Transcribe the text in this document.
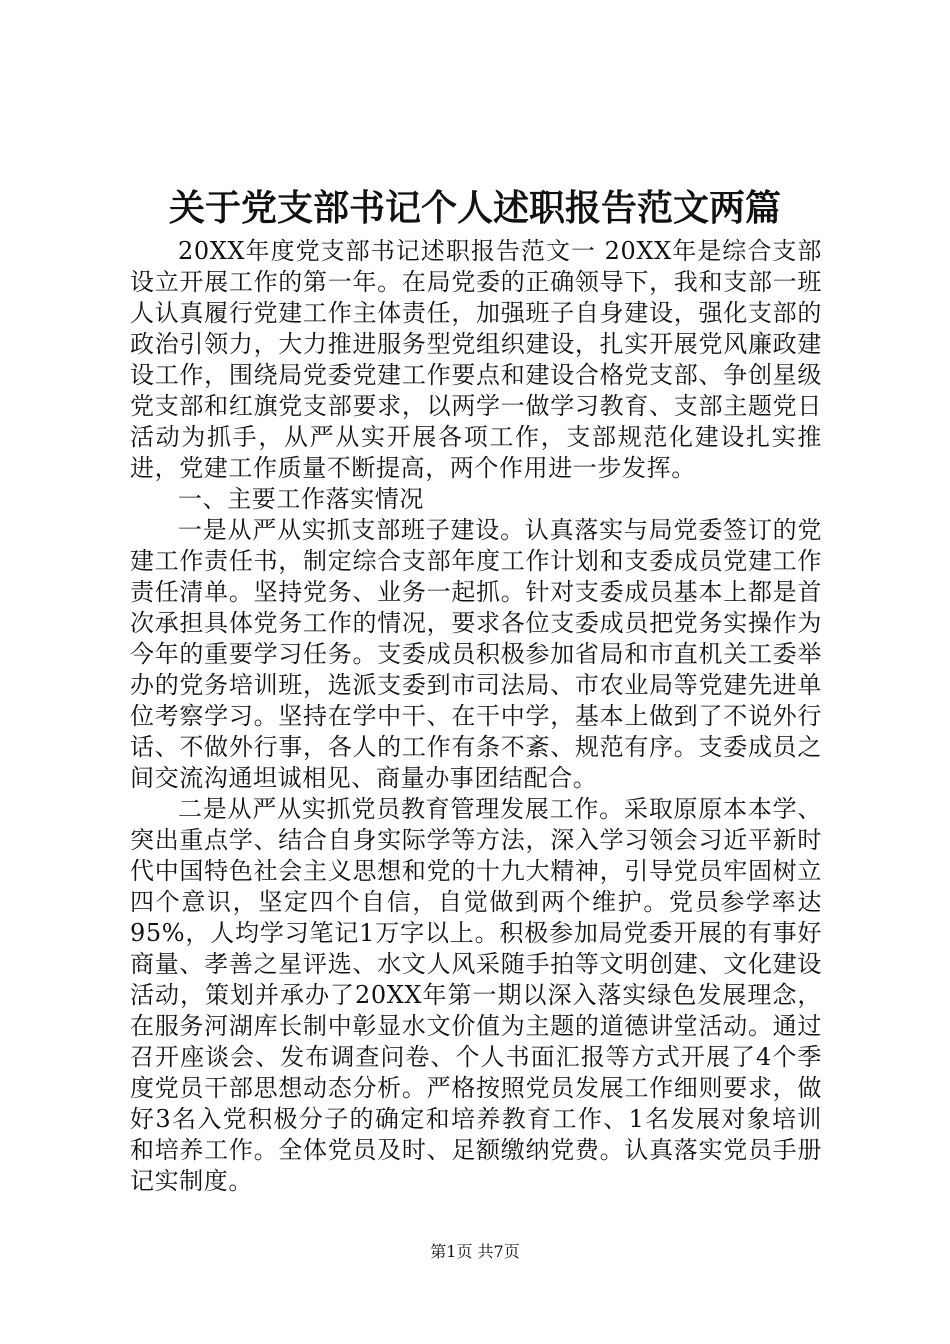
关于党支部书记个人述职报告范文两篇

20XX年度党支部书记述职报告范文一 20XX年是综合支部设立开展工作的第一年。在局党委的正确领导下，我和支部一班人认真履行党建工作主体责任，加强班子自身建设，强化支部的政治引领力，大力推进服务型党组织建设，扎实开展党风廉政建设工作，围绕局党委党建工作要点和建设合格党支部、争创星级党支部和红旗党支部要求，以两学一做学习教育、支部主题党日活动为抓手，从严从实开展各项工作，支部规范化建设扎实推进，党建工作质量不断提高，两个作用进一步发挥。

一、主要工作落实情况

一是从严从实抓支部班子建设。认真落实与局党委签订的党建工作责任书，制定综合支部年度工作计划和支委成员党建工作责任清单。坚持党务、业务一起抓。针对支委成员基本上都是首次承担具体党务工作的情况，要求各位支委成员把党务实操作为今年的重要学习任务。支委成员积极参加省局和市直机关工委举办的党务培训班，选派支委到市司法局、市农业局等党建先进单位考察学习。坚持在学中干、在干中学，基本上做到了不说外行话、不做外行事，各人的工作有条不紊、规范有序。支委成员之间交流沟通坦诚相见、商量办事团结配合。

二是从严从实抓党员教育管理发展工作。采取原原本本学、突出重点学、结合自身实际学等方法，深入学习领会习近平新时代中国特色社会主义思想和党的十九大精神，引导党员牢固树立四个意识，坚定四个自信，自觉做到两个维护。党员参学率达95%，人均学习笔记1万字以上。积极参加局党委开展的有事好商量、孝善之星评选、水文人风采随手拍等文明创建、文化建设活动，策划并承办了20XX年第一期以深入落实绿色发展理念，在服务河湖库长制中彰显水文价值为主题的道德讲堂活动。通过召开座谈会、发布调查问卷、个人书面汇报等方式开展了4个季度党员干部思想动态分析。严格按照党员发展工作细则要求，做好3名入党积极分子的确定和培养教育工作、1名发展对象培训和培养工作。全体党员及时、足额缴纳党费。认真落实党员手册记实制度。

第1页 共7页
